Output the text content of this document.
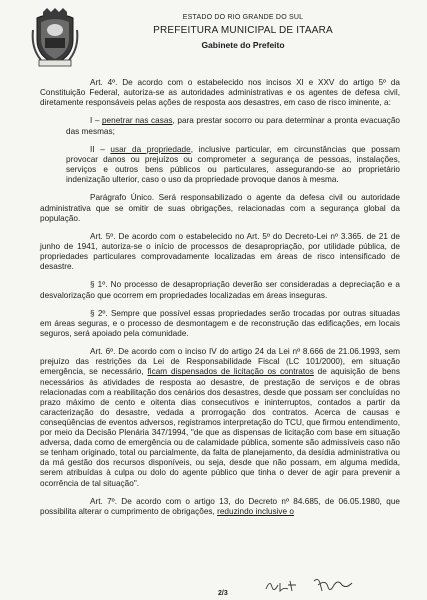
ESTADO DO RIO GRANDE DO SUL
PREFEITURA MUNICIPAL DE ITAARA
Gabinete do Prefeito

Art. 4º. De acordo com o estabelecido nos incisos XI e XXV do artigo 5º da Constituição Federal, autoriza-se as autoridades administrativas e os agentes de defesa civil, diretamente responsáveis pelas ações de resposta aos desastres, em caso de risco iminente, a:

I – penetrar nas casas, para prestar socorro ou para determinar a pronta evacuação das mesmas;

II – usar da propriedade, inclusive particular, em circunstâncias que possam provocar danos ou prejuízos ou comprometer a segurança de pessoas, instalações, serviços e outros bens públicos ou particulares, assegurando-se ao proprietário indenização ulterior, caso o uso da propriedade provoque danos à mesma.

Parágrafo Único. Será responsabilizado o agente da defesa civil ou autoridade administrativa que se omitir de suas obrigações, relacionadas com a segurança global da população.

Art. 5º. De acordo com o estabelecido no Art. 5º do Decreto-Lei nº 3.365. de 21 de junho de 1941, autoriza-se o início de processos de desapropriação, por utilidade pública, de propriedades particulares comprovadamente localizadas em áreas de risco intensificado de desastre.

§ 1º. No processo de desapropriação deverão ser consideradas a depreciação e a desvalorização que ocorrem em propriedades localizadas em áreas inseguras.

§ 2º. Sempre que possível essas propriedades serão trocadas por outras situadas em áreas seguras, e o processo de desmontagem e de reconstrução das edificações, em locais seguros, será apoiado pela comunidade.

Art. 6º. De acordo com o inciso IV do artigo 24 da Lei nº 8.666 de 21.06.1993, sem prejuízo das restrições da Lei de Responsabilidade Fiscal (LC 101/2000), em situação emergência, se necessário, ficam dispensados de licitação os contratos de aquisição de bens necessários às atividades de resposta ao desastre, de prestação de serviços e de obras relacionadas com a reabilitação dos cenários dos desastres, desde que possam ser concluídas no prazo máximo de cento e oitenta dias consecutivos e ininterruptos, contados a partir da caracterização do desastre, vedada a prorrogação dos contratos. Acerca de causas e conseqüências de eventos adversos, registramos interpretação do TCU, que firmou entendimento, por meio da Decisão Plenária 347/1994, "de que as dispensas de licitação com base em situação adversa, dada como de emergência ou de calamidade pública, somente são admissíveis caso não se tenham originado, total ou parcialmente, da falta de planejamento, da desídia administrativa ou da má gestão dos recursos disponíveis, ou seja, desde que não possam, em alguma medida, serem atribuídas à culpa ou dolo do agente público que tinha o dever de agir para prevenir a ocorrência de tal situação".

Art. 7º. De acordo com o artigo 13, do Decreto nº 84.685, de 06.05.1980, que possibilita alterar o cumprimento de obrigações, reduzindo inclusive o

2/3
